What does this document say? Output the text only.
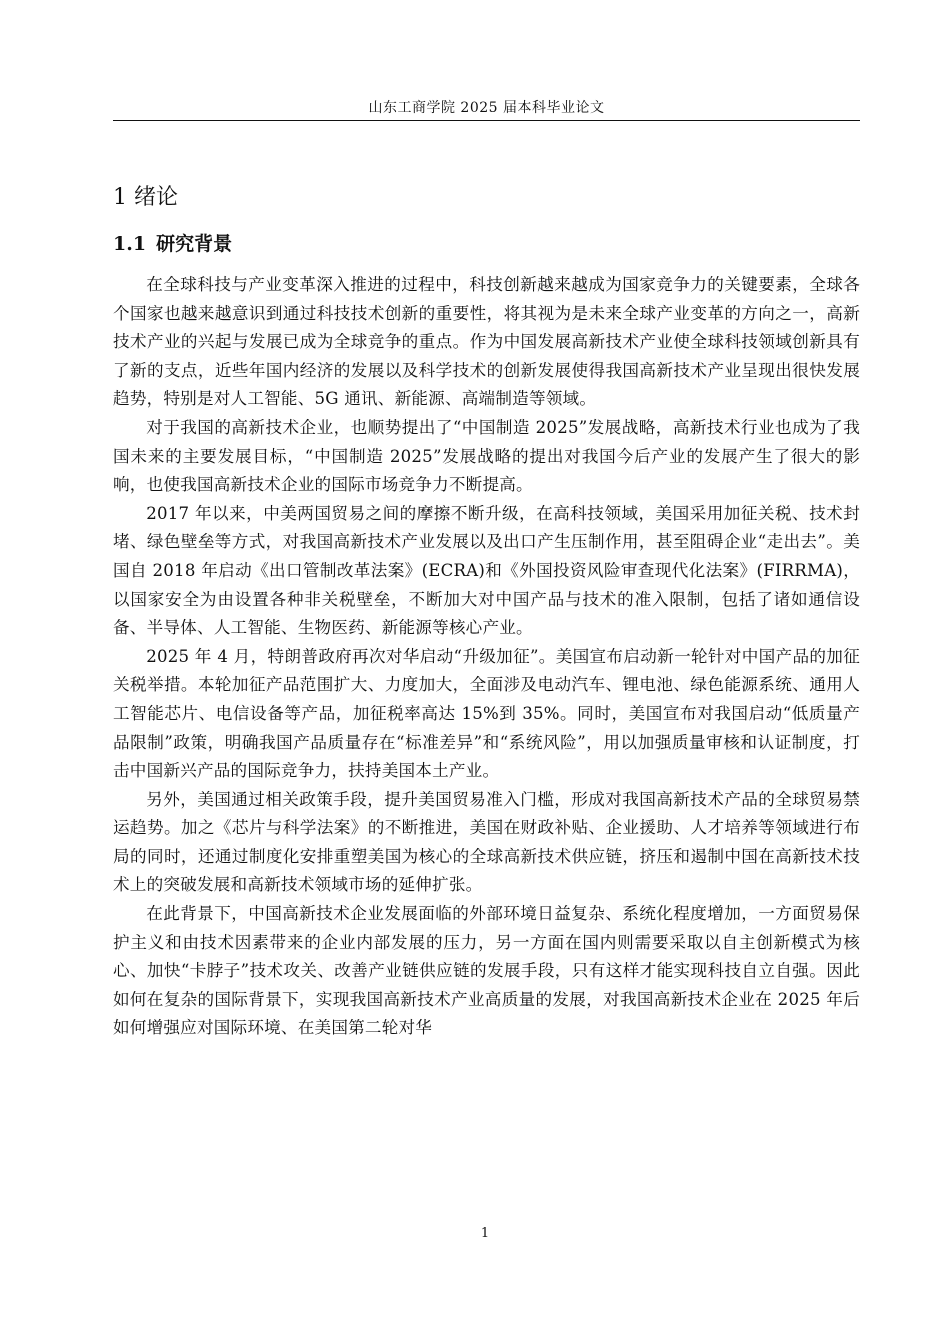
山东工商学院 2025 届本科毕业论文
1 绪论
1.1 研究背景

在全球科技与产业变革深入推进的过程中，科技创新越来越成为国家竞争力的关键要素，全球各个国家也越来越意识到通过科技技术创新的重要性，将其视为是未来全球产业变革的方向之一，高新技术产业的兴起与发展已成为全球竞争的重点。作为中国发展高新技术产业使全球科技领域创新具有了新的支点，近些年国内经济的发展以及科学技术的创新发展使得我国高新技术产业呈现出很快发展趋势，特别是对人工智能、5G 通讯、新能源、高端制造等领域。

对于我国的高新技术企业，也顺势提出了“中国制造 2025”发展战略，高新技术行业也成为了我国未来的主要发展目标，“中国制造 2025”发展战略的提出对我国今后产业的发展产生了很大的影响，也使我国高新技术企业的国际市场竞争力不断提高。

2017 年以来，中美两国贸易之间的摩擦不断升级，在高科技领域，美国采用加征关税、技术封堵、绿色壁垒等方式，对我国高新技术产业发展以及出口产生压制作用，甚至阻碍企业“走出去”。美国自 2018 年启动《出口管制改革法案》(ECRA)和《外国投资风险审查现代化法案》(FIRRMA)，以国家安全为由设置各种非关税壁垒，不断加大对中国产品与技术的准入限制，包括了诸如通信设备、半导体、人工智能、生物医药、新能源等核心产业。

2025 年 4 月，特朗普政府再次对华启动“升级加征”。美国宣布启动新一轮针对中国产品的加征关税举措。本轮加征产品范围扩大、力度加大，全面涉及电动汽车、锂电池、绿色能源系统、通用人工智能芯片、电信设备等产品，加征税率高达 15%到 35%。同时，美国宣布对我国启动“低质量产品限制”政策，明确我国产品质量存在“标准差异”和“系统风险”，用以加强质量审核和认证制度，打击中国新兴产品的国际竞争力，扶持美国本土产业。

另外，美国通过相关政策手段，提升美国贸易准入门槛，形成对我国高新技术产品的全球贸易禁运趋势。加之《芯片与科学法案》的不断推进，美国在财政补贴、企业援助、人才培养等领域进行布局的同时，还通过制度化安排重塑美国为核心的全球高新技术供应链，挤压和遏制中国在高新技术技术上的突破发展和高新技术领域市场的延伸扩张。

在此背景下，中国高新技术企业发展面临的外部环境日益复杂、系统化程度增加，一方面贸易保护主义和由技术因素带来的企业内部发展的压力，另一方面在国内则需要采取以自主创新模式为核心、加快“卡脖子”技术攻关、改善产业链供应链的发展手段，只有这样才能实现科技自立自强。因此如何在复杂的国际背景下，实现我国高新技术产业高质量的发展，对我国高新技术企业在 2025 年后如何增强应对国际环境、在美国第二轮对华

1
